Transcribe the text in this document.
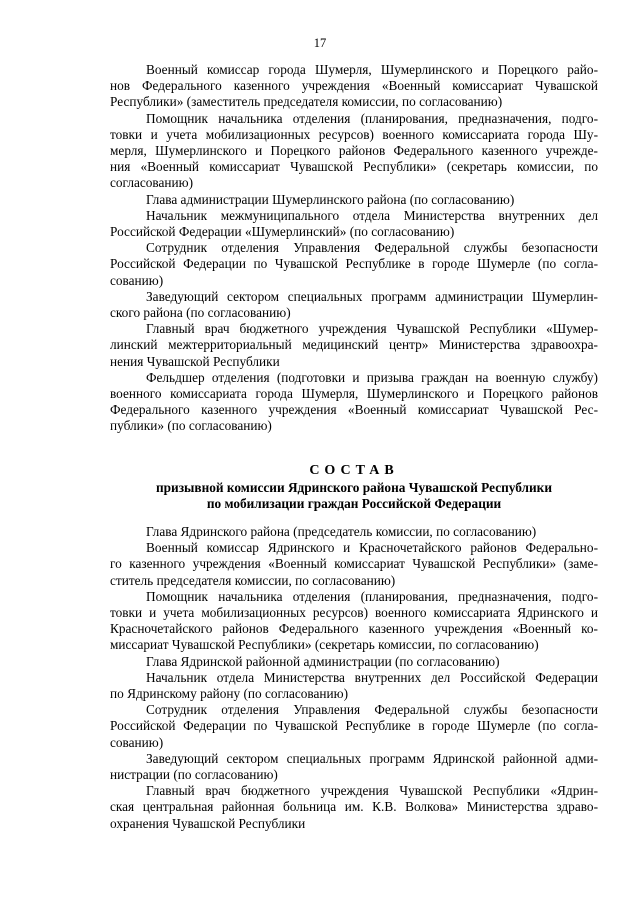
17

Военный комиссар города Шумерля, Шумерлинского и Порецкого райо-
нов Федерального казенного учреждения «Военный комиссариат Чувашской
Республики» (заместитель председателя комиссии, по согласованию)

Помощник начальника отделения (планирования, предназначения, подго-
товки и учета мобилизационных ресурсов) военного комиссариата города Шу-
мерля, Шумерлинского и Порецкого районов Федерального казенного учрежде-
ния «Военный комиссариат Чувашской Республики» (секретарь комиссии, по
согласованию)

Глава администрации Шумерлинского района (по согласованию)

Начальник межмуниципального отдела Министерства внутренних дел
Российской Федерации «Шумерлинский» (по согласованию)

Сотрудник отделения Управления Федеральной службы безопасности
Российской Федерации по Чувашской Республике в городе Шумерле (по согла-
сованию)

Заведующий сектором специальных программ администрации Шумерлин-
ского района (по согласованию)

Главный врач бюджетного учреждения Чувашской Республики «Шумер-
линский межтерриториальный медицинский центр» Министерства здравоохра-
нения Чувашской Республики

Фельдшер отделения (подготовки и призыва граждан на военную службу)
военного комиссариата города Шумерля, Шумерлинского и Порецкого районов
Федерального казенного учреждения «Военный комиссариат Чувашской Рес-
публики» (по согласованию)

СОСТАВ
призывной комиссии Ядринского района Чувашской Республики
по мобилизации граждан Российской Федерации

Глава Ядринского района (председатель комиссии, по согласованию)

Военный комиссар Ядринского и Красночетайского районов Федерально-
го казенного учреждения «Военный комиссариат Чувашской Республики» (заме-
ститель председателя комиссии, по согласованию)

Помощник начальника отделения (планирования, предназначения, подго-
товки и учета мобилизационных ресурсов) военного комиссариата Ядринского и
Красночетайского районов Федерального казенного учреждения «Военный ко-
миссариат Чувашской Республики» (секретарь комиссии, по согласованию)

Глава Ядринской районной администрации (по согласованию)

Начальник отдела Министерства внутренних дел Российской Федерации
по Ядринскому району (по согласованию)

Сотрудник отделения Управления Федеральной службы безопасности
Российской Федерации по Чувашской Республике в городе Шумерле (по согла-
сованию)

Заведующий сектором специальных программ Ядринской районной адми-
нистрации (по согласованию)

Главный врач бюджетного учреждения Чувашской Республики «Ядрин-
ская центральная районная больница им. К.В. Волкова» Министерства здраво-
охранения Чувашской Республики
